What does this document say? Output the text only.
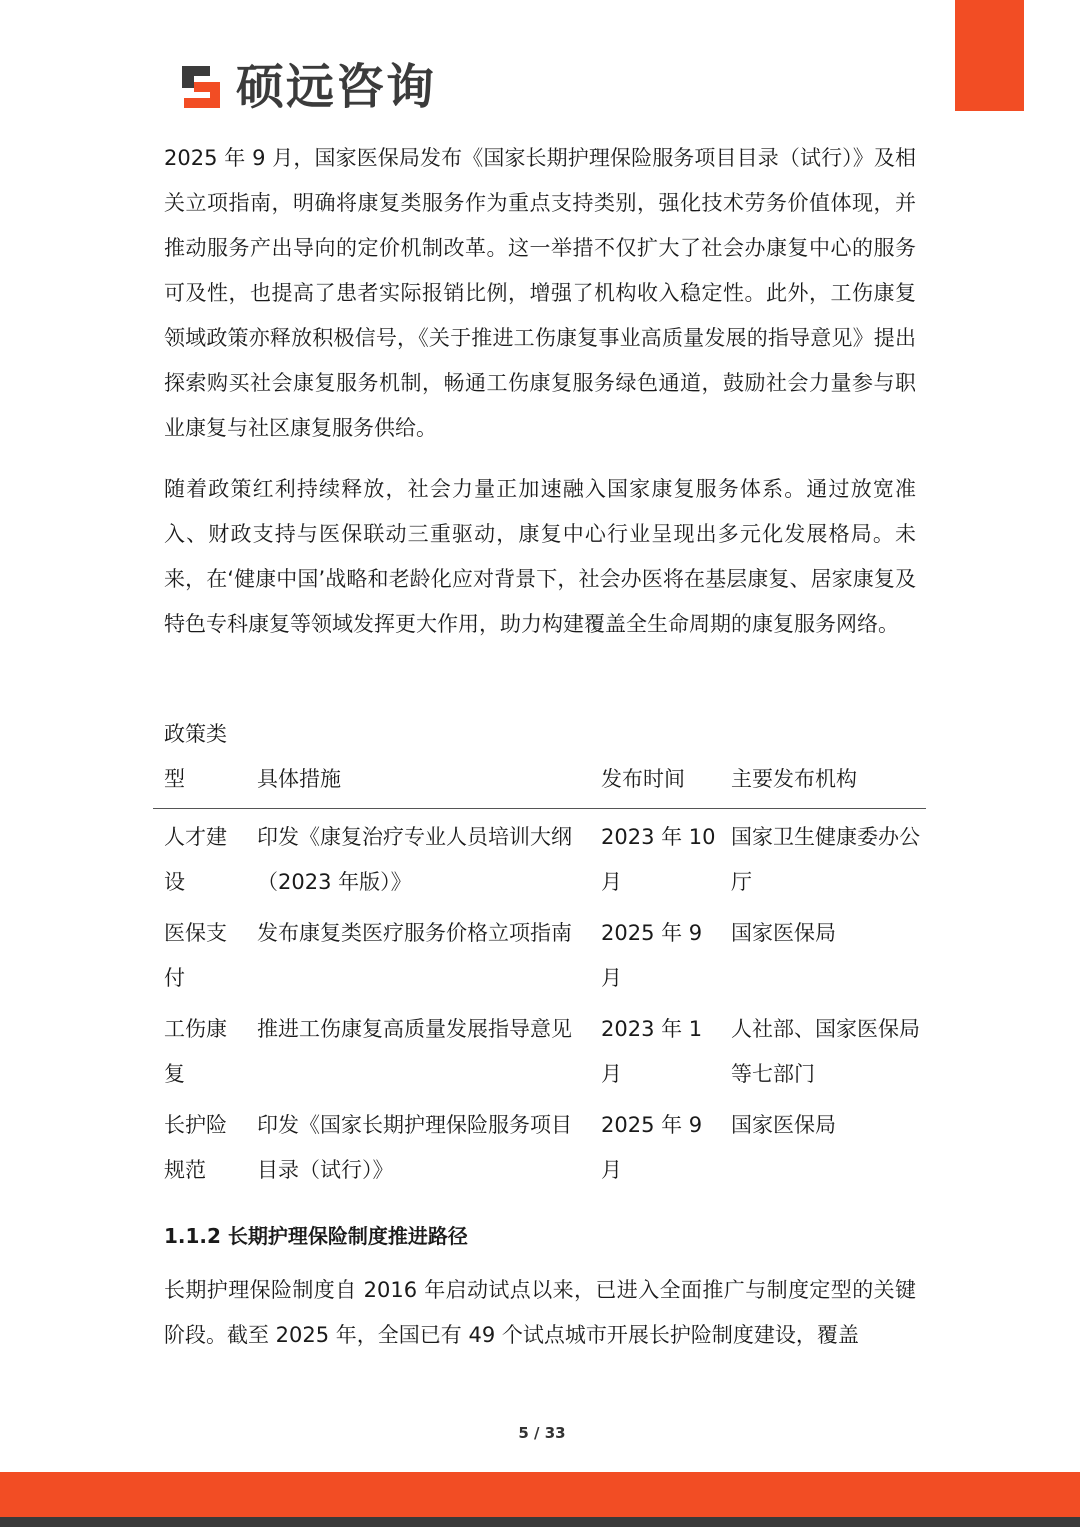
硕远咨询

2025 年 9 月，国家医保局发布《国家长期护理保险服务项目目录（试行）》及相关立项指南，明确将康复类服务作为重点支持类别，强化技术劳务价值体现，并推动服务产出导向的定价机制改革。这一举措不仅扩大了社会办康复中心的服务可及性，也提高了患者实际报销比例，增强了机构收入稳定性。此外，工伤康复领域政策亦释放积极信号，《关于推进工伤康复事业高质量发展的指导意见》提出探索购买社会康复服务机制，畅通工伤康复服务绿色通道，鼓励社会力量参与职业康复与社区康复服务供给。

随着政策红利持续释放，社会力量正加速融入国家康复服务体系。通过放宽准入、财政支持与医保联动三重驱动，康复中心行业呈现出多元化发展格局。未来，在‘健康中国’战略和老龄化应对背景下，社会办医将在基层康复、居家康复及特色专科康复等领域发挥更大作用，助力构建覆盖全生命周期的康复服务网络。

政策类型	具体措施	发布时间	主要发布机构
人才建设	印发《康复治疗专业人员培训大纲（2023 年版）》	2023 年 10 月	国家卫生健康委办公厅
医保支付	发布康复类医疗服务价格立项指南	2025 年 9 月	国家医保局
工伤康复	推进工伤康复高质量发展指导意见	2023 年 1 月	人社部、国家医保局等七部门
长护险规范	印发《国家长期护理保险服务项目目录（试行）》	2025 年 9 月	国家医保局
1.1.2 长期护理保险制度推进路径

长期护理保险制度自 2016 年启动试点以来，已进入全面推广与制度定型的关键阶段。截至 2025 年，全国已有 49 个试点城市开展长护险制度建设，覆盖

5 / 33
